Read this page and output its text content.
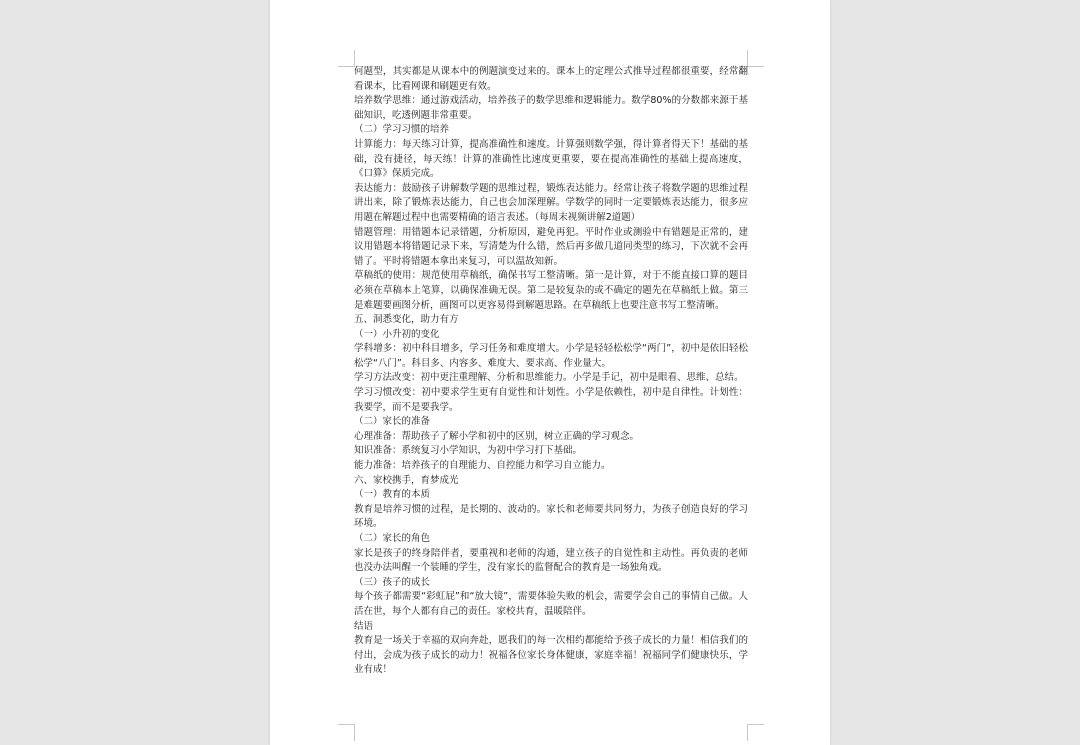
何题型，其实都是从课本中的例题演变过来的。课本上的定理公式推导过程都很重要，经常翻看课本，比看网课和刷题更有效。

培养数学思维：通过游戏活动，培养孩子的数学思维和逻辑能力。数学80%的分数都来源于基础知识，吃透例题非常重要。

（二）学习习惯的培养

计算能力：每天练习计算，提高准确性和速度。计算强则数学强，得计算者得天下！基础的基础，没有捷径，每天练！计算的准确性比速度更重要，要在提高准确性的基础上提高速度，《口算》保质完成。

表达能力：鼓励孩子讲解数学题的思维过程，锻炼表达能力。经常让孩子将数学题的思维过程讲出来，除了锻炼表达能力，自己也会加深理解。学数学的同时一定要锻炼表达能力，很多应用题在解题过程中也需要精确的语言表述。（每周末视频讲解2道题）

错题管理：用错题本记录错题，分析原因，避免再犯。平时作业或测验中有错题是正常的，建议用错题本将错题记录下来，写清楚为什么错，然后再多做几道同类型的练习，下次就不会再错了。平时将错题本拿出来复习，可以温故知新。

草稿纸的使用：规范使用草稿纸，确保书写工整清晰。第一是计算，对于不能直接口算的题目必须在草稿本上笔算，以确保准确无误。第二是较复杂的或不确定的题先在草稿纸上做。第三是难题要画图分析，画图可以更容易得到解题思路。在草稿纸上也要注意书写工整清晰。

五、洞悉变化，助力有方

（一）小升初的变化

学科增多：初中科目增多，学习任务和难度增大。小学是轻轻松松学“两门”，初中是依旧轻松松学“八门”。科目多、内容多、难度大、要求高、作业量大。

学习方法改变：初中更注重理解、分析和思维能力。小学是手记，初中是眼看、思维、总结。

学习习惯改变：初中要求学生更有自觉性和计划性。小学是依赖性，初中是自律性。计划性：我要学，而不是要我学。

（二）家长的准备

心理准备：帮助孩子了解小学和初中的区别，树立正确的学习观念。

知识准备：系统复习小学知识，为初中学习打下基础。

能力准备：培养孩子的自理能力、自控能力和学习自立能力。

六、家校携手，育梦成光

（一）教育的本质

教育是培养习惯的过程，是长期的、波动的。家长和老师要共同努力，为孩子创造良好的学习环境。

（二）家长的角色

家长是孩子的终身陪伴者，要重视和老师的沟通，建立孩子的自觉性和主动性。再负责的老师也没办法叫醒一个装睡的学生，没有家长的监督配合的教育是一场独角戏。

（三）孩子的成长

每个孩子都需要“彩虹屁”和“放大镜”，需要体验失败的机会，需要学会自己的事情自己做。人活在世，每个人都有自己的责任。家校共育，温暖陪伴。

结语

教育是一场关于幸福的双向奔赴，愿我们的每一次相约都能给予孩子成长的力量！相信我们的付出，会成为孩子成长的动力！祝福各位家长身体健康，家庭幸福！祝福同学们健康快乐，学业有成！
